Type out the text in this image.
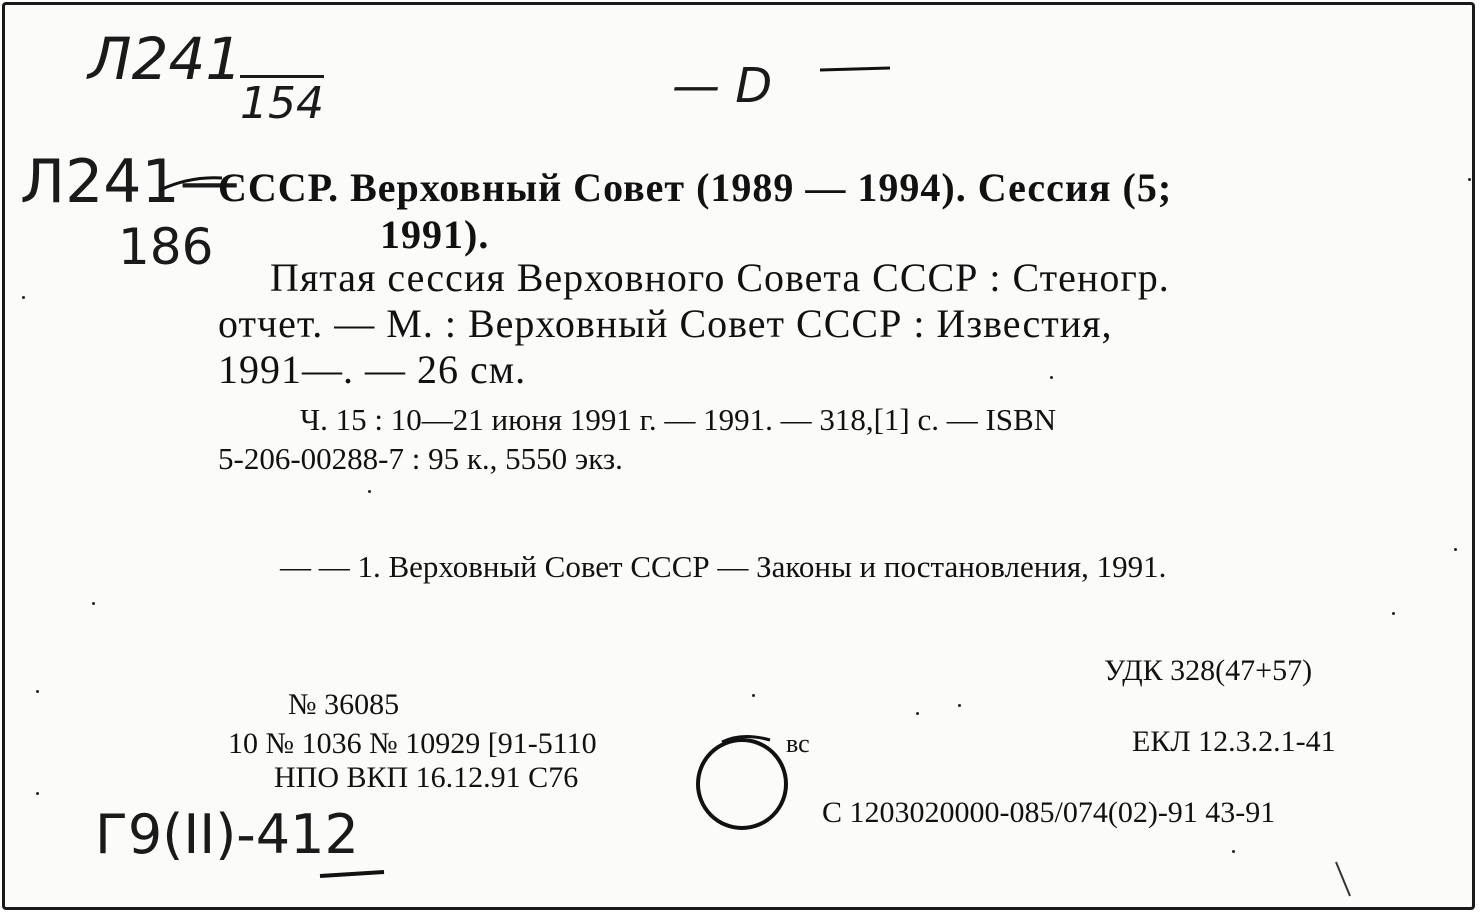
Л241
154	— D
Л241—
186
Г9(II)-412
СССР. Верховный Совет (1989 — 1994). Сессия (5;
1991).
Пятая сессия Верховного Совета СССР : Стеногр.
отчет. — М. : Верховный Совет СССР : Известия,
1991—. — 26 см.
Ч. 15 : 10—21 июня 1991 г. — 1991. — 318,[1] с. — ISBN
5-206-00288-7 : 95 к., 5550 экз.
— — 1. Верховный Совет СССР — Законы и постановления, 1991.
УДК 328(47+57)
ЕКЛ 12.3.2.1-41
С 1203020000-085/074(02)-91 43-91
№ 36085
10 № 1036 № 10929 [91-5110	вс
НПО ВКП 16.12.91 С76
